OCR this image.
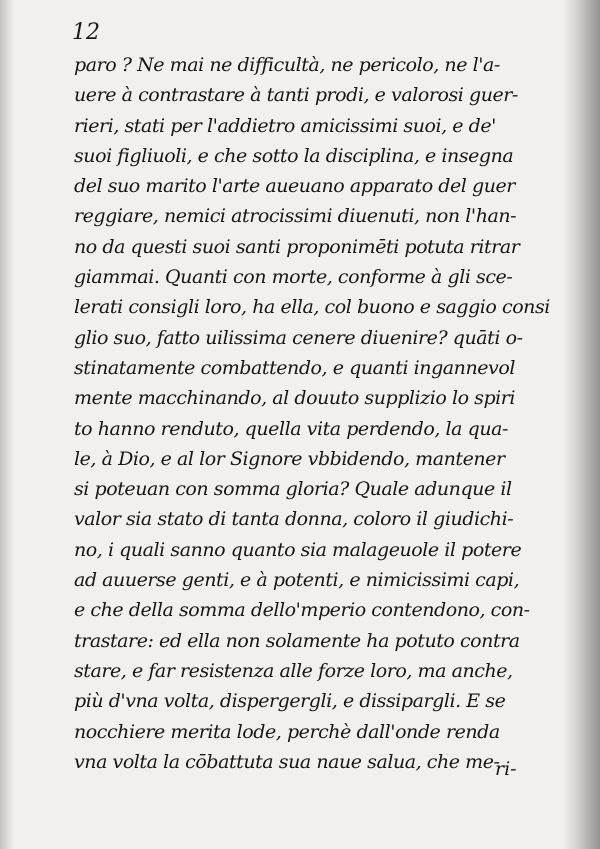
12
paro ? Ne mai ne difficultà, ne pericolo, ne l'a-
uere à contrastare à tanti prodi, e valorosi guer-
rieri, stati per l'addietro amicissimi suoi, e de'
suoi figliuoli, e che sotto la disciplina, e insegna
del suo marito l'arte aueuano apparato del guer
reggiare, nemici atrocissimi diuenuti, non l'han-
no da questi suoi santi proponimēti potuta ritrar
giammai. Quanti con morte, conforme à gli sce-
lerati consigli loro, ha ella, col buono e saggio consi
glio suo, fatto uilissima cenere diuenire? quāti o-
stinatamente combattendo, e quanti ingannevol
mente macchinando, al douuto supplizio lo spiri
to hanno renduto, quella vita perdendo, la qua-
le, à Dio, e al lor Signore vbbidendo, mantener
si poteuan con somma gloria? Quale adunque il
valor sia stato di tanta donna, coloro il giudichi-
no, i quali sanno quanto sia malageuole il potere
ad auuerse genti, e à potenti, e nimicissimi capi,
e che della somma dello'mperio contendono, con-
trastare: ed ella non solamente ha potuto contra
stare, e far resistenza alle forze loro, ma anche,
più d'vna volta, dispergergli, e dissipargli. E se
nocchiere merita lode, perchè dall'onde renda
vna volta la cōbattuta sua naue salua, che me-
ri-
